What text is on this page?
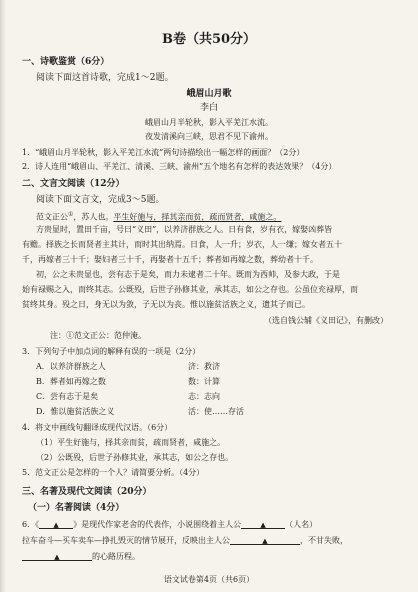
B卷（共50分）
一、诗歌鉴赏（6分）
阅读下面这首诗歌，完成1～2题。
峨眉山月歌
李白
峨眉山月半轮秋，影入平羌江水流。
夜发清溪向三峡，思君不见下渝州。
1．“峨眉山月半轮秋，影入平羌江水流”两句诗描绘出一幅怎样的画面？（2分）
2．诗人连用“峨眉山、平羌江、清溪、三峡、渝州”五个地名有怎样的表达效果？（4分）
二、文言文阅读（12分）
阅读下面文言文，完成3～5题。
范文正公①，苏人也。平生好施与，择其亲而贫，疏而贤者，咸施之。
方贵显时，置田千亩，号曰“义田”，以养济群族之人。日有食，岁有衣，嫁娶凶葬皆
有赡。择族之长而贤者主其计，而时其出纳焉。日食，人一升；岁衣，人一缣；嫁女者五十
千，再嫁者三十千；娶妇者三十千，再娶者十五千；葬者如再嫁之数，葬幼者十千。
初，公之未贵显也，尝有志于是矣，而力未逮者二十年。既而为西帅，及参大政，于是
始有禄赐之入，而终其志。公既殁，后世子孙修其业，承其志，如公之存也。公虽位充禄厚，而
贫终其身。殁之日，身无以为敛，子无以为丧。惟以施贫活族之义，遗其子而已。
（选自钱公辅《义田记》，有删改）
注：①范文正公：范仲淹。
3．下列句子中加点词的解释有误的一项是（2分）
A．以养济群族之人	济：救济
B．葬者如再嫁之数	数：计算
C．尝有志于是矣	志：志向
D．惟以施贫活族之义	活：使……存活
4．将文中画线句翻译成现代汉语。（6分）
（1）平生好施与，择其亲而贫，疏而贤者，咸施之。
（2）公既殁，后世子孙修其业，承其志，如公之存也。
5．范文正公是怎样的一个人？请简要分析。（4分）
三、名著及现代文阅读（20分）
（一）名著阅读（4分）
6．《 ▲ 》是现代作家老舍的代表作，小说围绕着主人公	▲ （人名）
拉车奋斗—买车卖车—挣扎毁灭的情节展开，反映出主人公	▲	，不甘失败，
▲	的心路历程。
语文试卷第4页（共6页）
